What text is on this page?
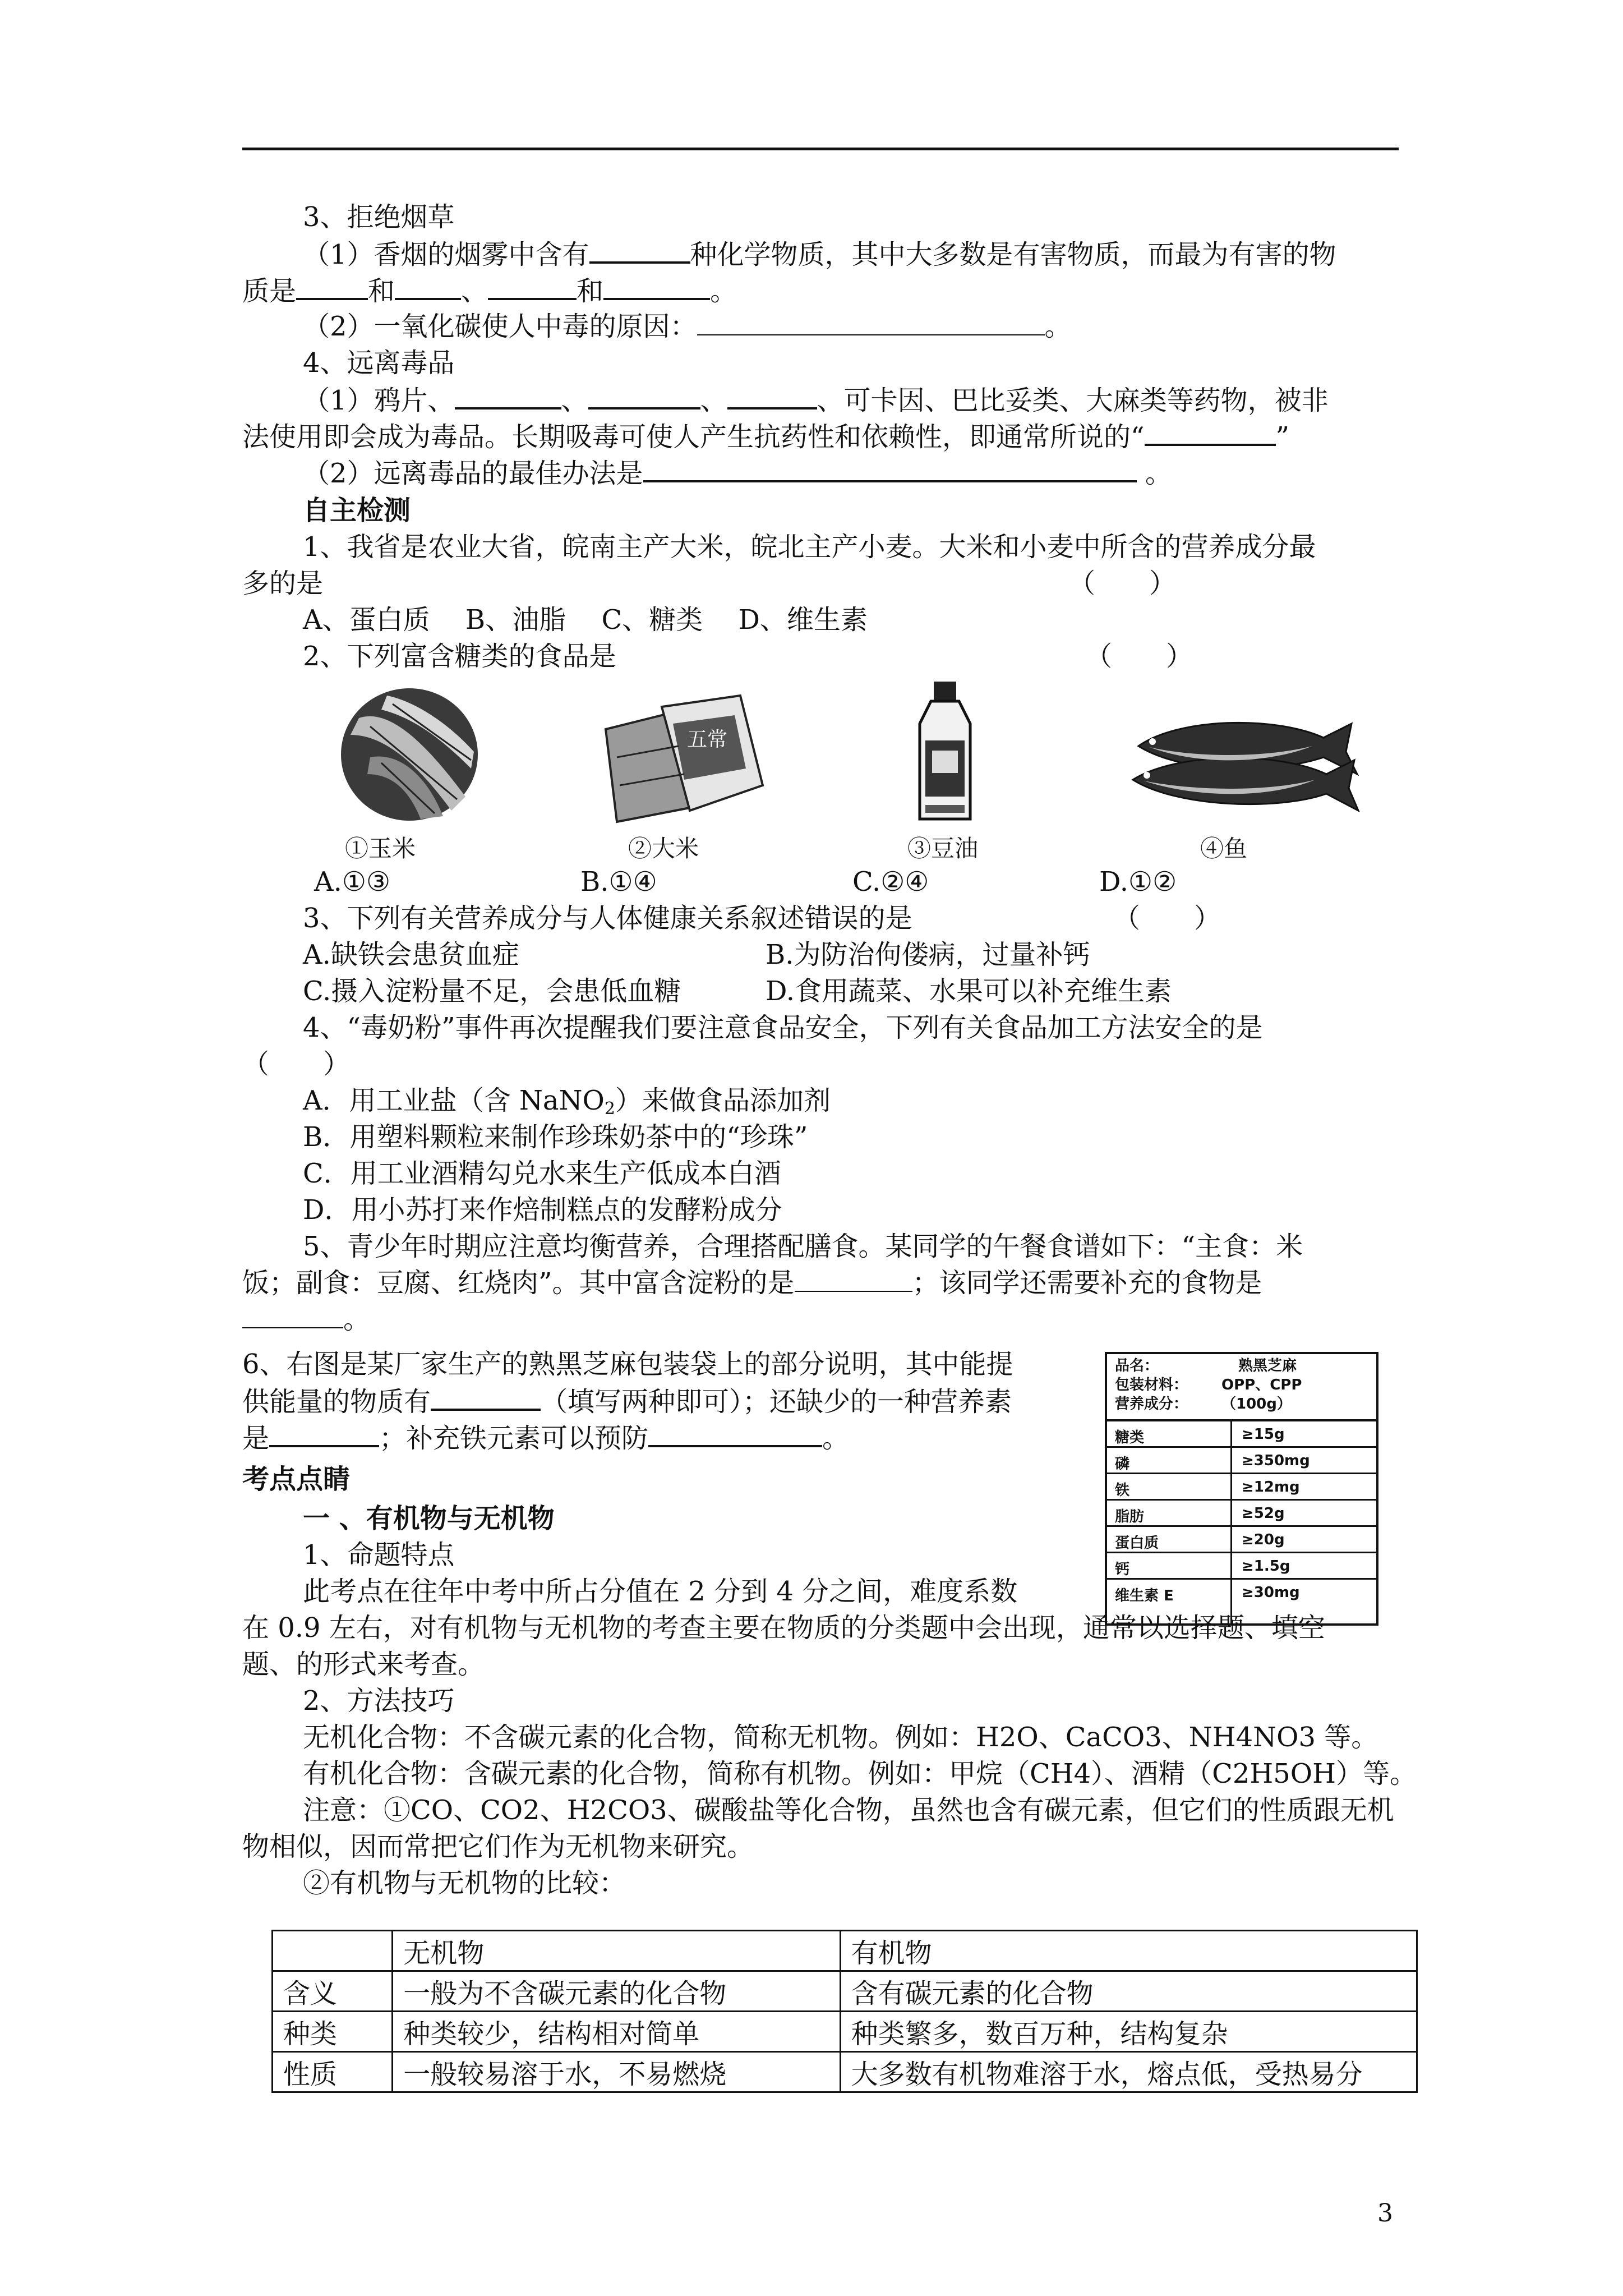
3、拒绝烟草
（1）香烟的烟雾中含有	种化学物质，其中大多数是有害物质，而最为有害的物
质是	和 、	和	。
（2）一氧化碳使人中毒的原因：	。
4、远离毒品
（1）鸦片、	、	、	、可卡因、巴比妥类、大麻类等药物，被非
法使用即会成为毒品。长期吸毒可使人产生抗药性和依赖性，即通常所说的“	”
（2）远离毒品的最佳办法是	。
自主检测
1、我省是农业大省，皖南主产大米，皖北主产小麦。大米和小麦中所含的营养成分最
多的是	（　　）
A、蛋白质　 B、油脂　 C、糖类　 D、维生素
2、下列富含糖类的食品是	（　　）
五常
①玉米	②大米	③豆油	④鱼
A.①③	B.①④	C.②④	D.①②
3、下列有关营养成分与人体健康关系叙述错误的是	（　　）
A.缺铁会患贫血症	B.为防治佝偻病，过量补钙
C.摄入淀粉量不足，会患低血糖	D.食用蔬菜、水果可以补充维生素
4、“毒奶粉”事件再次提醒我们要注意食品安全，下列有关食品加工方法安全的是
（　　）
A．用工业盐（含 NaNO2）来做食品添加剂
B．用塑料颗粒来制作珍珠奶茶中的“珍珠”
C．用工业酒精勾兑水来生产低成本白酒
D．用小苏打来作焙制糕点的发酵粉成分
5、青少年时期应注意均衡营养，合理搭配膳食。某同学的午餐食谱如下：“主食：米
饭；副食：豆腐、红烧肉”。其中富含淀粉的是	；该同学还需要补充的食物是
。
6、右图是某厂家生产的熟黑芝麻包装袋上的部分说明，其中能提
供能量的物质有	（填写两种即可）；还缺少的一种营养素
是	；补充铁元素可以预防	。
品名：	熟黑芝麻
包装材料： OPP、CPP
营养成分： （100g）
糖类	≥15g
磷	≥350mg
铁	≥12mg
脂肪	≥52g
蛋白质	≥20g
钙	≥1.5g
维生素 E	≥30mg
考点点睛
一 、有机物与无机物
1、命题特点
此考点在往年中考中所占分值在 2 分到 4 分之间，难度系数
在 0.9 左右，对有机物与无机物的考查主要在物质的分类题中会出现，通常以选择题、填空
题、的形式来考查。
2、方法技巧
无机化合物：不含碳元素的化合物，简称无机物。例如：H2O、CaCO3、NH4NO3 等。
有机化合物：含碳元素的化合物，简称有机物。例如：甲烷（CH4）、酒精（C2H5OH）等。
注意：①CO、CO2、H2CO3、碳酸盐等化合物，虽然也含有碳元素，但它们的性质跟无机
物相似，因而常把它们作为无机物来研究。
②有机物与无机物的比较：
	无机物	有机物
含义	一般为不含碳元素的化合物	含有碳元素的化合物
种类	种类较少，结构相对简单	种类繁多，数百万种，结构复杂
性质	一般较易溶于水，不易燃烧	大多数有机物难溶于水，熔点低，受热易分
3
